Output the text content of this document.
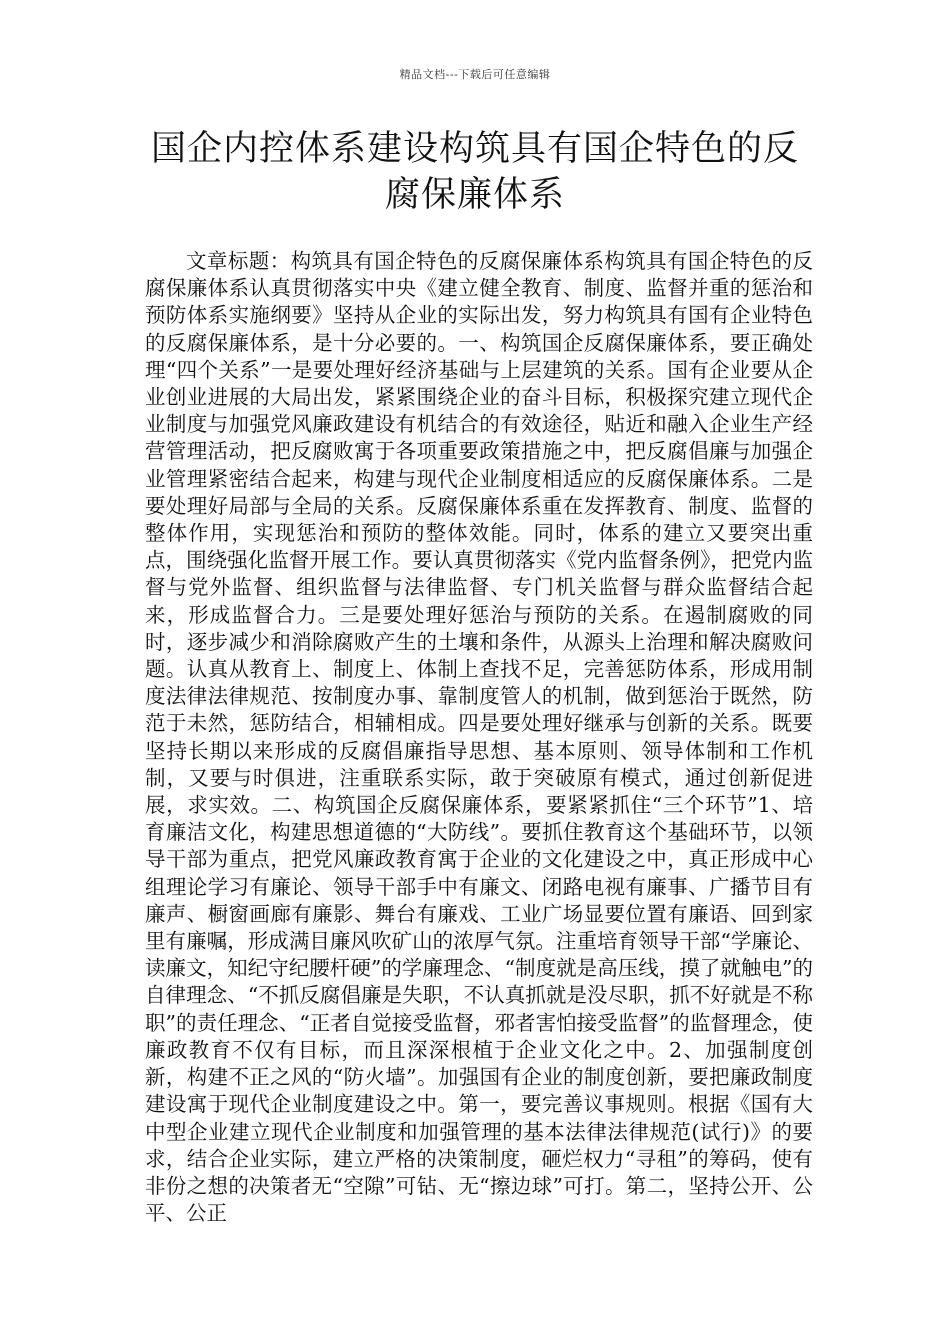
精品文档---下载后可任意编辑
国企内控体系建设构筑具有国企特色的反腐保廉体系

文章标题：构筑具有国企特色的反腐保廉体系构筑具有国企特色的反腐保廉体系认真贯彻落实中央《建立健全教育、制度、监督并重的惩治和预防体系实施纲要》坚持从企业的实际出发，努力构筑具有国有企业特色的反腐保廉体系，是十分必要的。一、构筑国企反腐保廉体系，要正确处理“四个关系”一是要处理好经济基础与上层建筑的关系。国有企业要从企业创业进展的大局出发，紧紧围绕企业的奋斗目标，积极探究建立现代企业制度与加强党风廉政建设有机结合的有效途径，贴近和融入企业生产经营管理活动，把反腐败寓于各项重要政策措施之中，把反腐倡廉与加强企业管理紧密结合起来，构建与现代企业制度相适应的反腐保廉体系。二是要处理好局部与全局的关系。反腐保廉体系重在发挥教育、制度、监督的整体作用，实现惩治和预防的整体效能。同时，体系的建立又要突出重点，围绕强化监督开展工作。要认真贯彻落实《党内监督条例》，把党内监督与党外监督、组织监督与法律监督、专门机关监督与群众监督结合起来，形成监督合力。三是要处理好惩治与预防的关系。在遏制腐败的同时，逐步减少和消除腐败产生的土壤和条件，从源头上治理和解决腐败问题。认真从教育上、制度上、体制上查找不足，完善惩防体系，形成用制度法律法律规范、按制度办事、靠制度管人的机制，做到惩治于既然，防范于未然，惩防结合，相辅相成。四是要处理好继承与创新的关系。既要坚持长期以来形成的反腐倡廉指导思想、基本原则、领导体制和工作机制，又要与时俱进，注重联系实际，敢于突破原有模式，通过创新促进展，求实效。二、构筑国企反腐保廉体系，要紧紧抓住“三个环节”1、培育廉洁文化，构建思想道德的“大防线”。要抓住教育这个基础环节，以领导干部为重点，把党风廉政教育寓于企业的文化建设之中，真正形成中心组理论学习有廉论、领导干部手中有廉文、闭路电视有廉事、广播节目有廉声、橱窗画廊有廉影、舞台有廉戏、工业广场显要位置有廉语、回到家里有廉嘱，形成满目廉风吹矿山的浓厚气氛。注重培育领导干部“学廉论、读廉文，知纪守纪腰杆硬”的学廉理念、“制度就是高压线，摸了就触电”的自律理念、“不抓反腐倡廉是失职，不认真抓就是没尽职，抓不好就是不称职”的责任理念、“正者自觉接受监督，邪者害怕接受监督”的监督理念，使廉政教育不仅有目标，而且深深根植于企业文化之中。2、加强制度创新，构建不正之风的“防火墙”。加强国有企业的制度创新，要把廉政制度建设寓于现代企业制度建设之中。第一，要完善议事规则。根据《国有大中型企业建立现代企业制度和加强管理的基本法律法律规范(试行)》的要求，结合企业实际，建立严格的决策制度，砸烂权力“寻租”的筹码，使有非份之想的决策者无“空隙”可钻、无“擦边球”可打。第二，坚持公开、公平、公正
